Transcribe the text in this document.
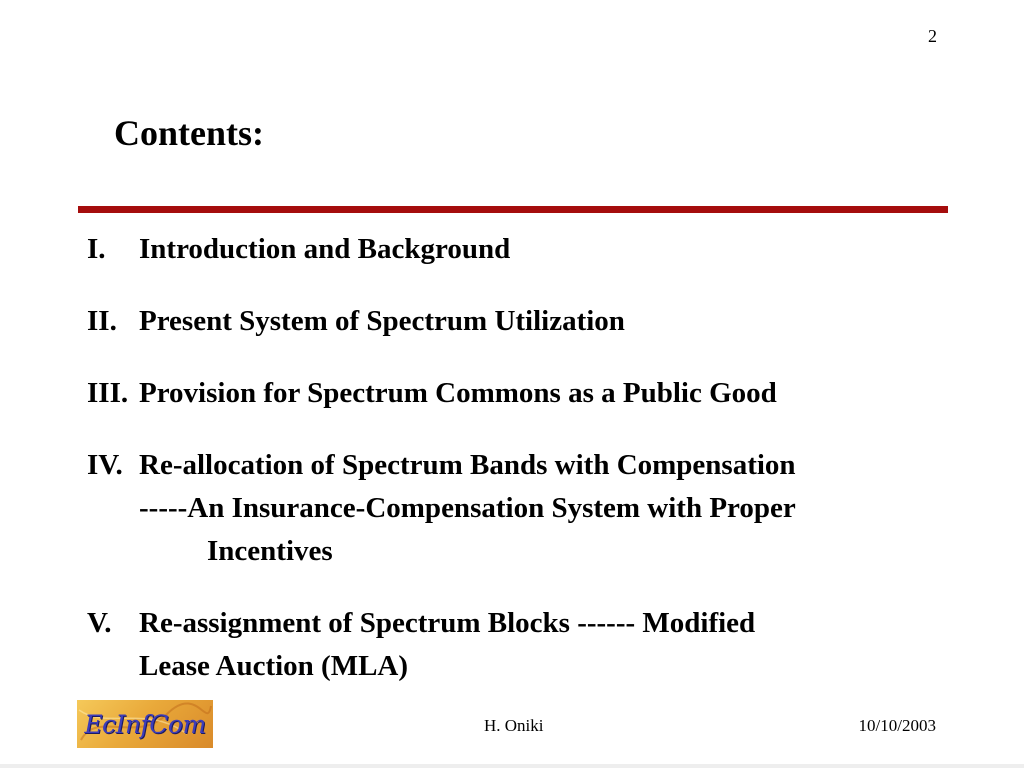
2
Contents:
I.	Introduction and Background
II. Present System of Spectrum Utilization
III. Provision for Spectrum Commons as a Public Good
IV. Re-allocation of Spectrum Bands with Compensation
-----An Insurance-Compensation System with Proper
Incentives
V. Re-assignment of Spectrum Blocks ------ Modified
Lease Auction (MLA)
EcInfCom	H. Oniki	10/10/2003
